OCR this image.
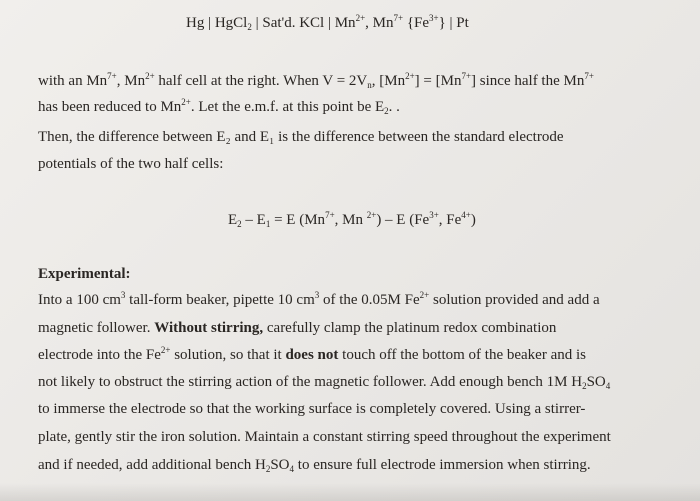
Hg | HgCl$_2$ | Sat'd. KCl | $Mn^{2+}$, $Mn^{7+}$ $\{Fe^{3+}\}$ | Pt
with an $Mn^{7+}$, $Mn^{2+}$ half cell at the right. When $V = 2V_n$, $[Mn^{2+}] = [Mn^{7+}]$ since half the $Mn^{7+}$
has been reduced to $Mn^{2+}$. Let the e.m.f. at this point be $E_2$. .
Then, the difference between E₂ and E₁ is the difference between the standard electrode
potentials of the two half cells:
$E_2 - E_1 = E$ ($Mn^{7+}$, Mn $^{2+}$) – E ($Fe^{3+}$, $Fe^{4+}$)
Experimental:
Into a 100 $cm^3$ tall-form beaker, pipette 10 $cm^3$ of the 0.05M $Fe^{2+}$ solution provided and add a
magnetic follower. Without stirring, carefully clamp the platinum redox combination
electrode into the $Fe^{2+}$ solution, so that it does not touch off the bottom of the beaker and is
not likely to obstruct the stirring action of the magnetic follower. Add enough bench 1M $H_2SO_4$
to immerse the electrode so that the working surface is completely covered. Using a stirrer-
plate, gently stir the iron solution. Maintain a constant stirring speed throughout the experiment
and if needed, add additional bench $H_2SO_4$ to ensure full electrode immersion when stirring.
